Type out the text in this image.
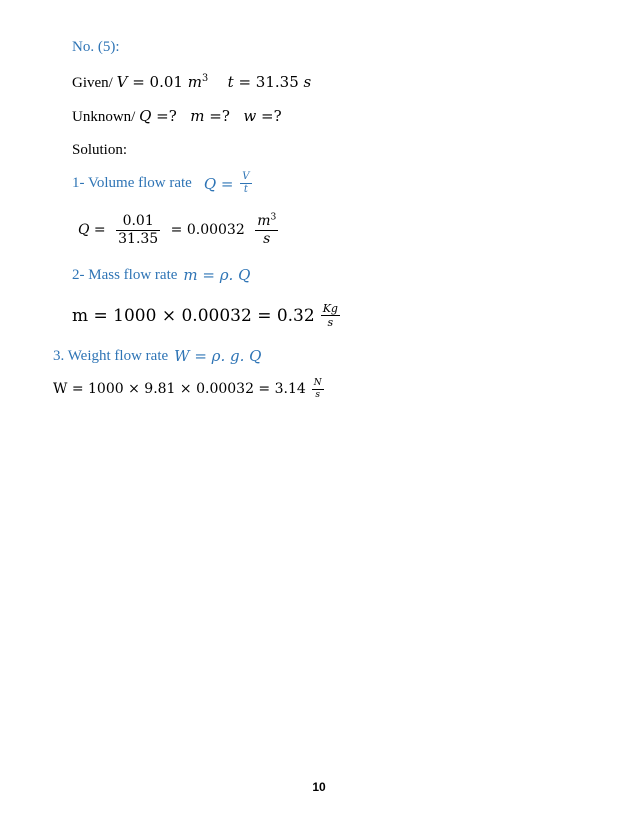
No. (5):
Given/ V = 0.01 $m^3$ t = 31.35 s
Unknown/ Q =? m =? w =?
Solution:
1- Volume flow rate $Q = \frac{V}{t}$
$Q = \frac{0.01}{31.35} = 0.00032 \frac{m^3}{s}$
2- Mass flow rate m = ρ. Q
$m = 1000 \times 0.00032 = 0.32 \frac{Kg}{s}$
3. Weight flow rate W = ρ. g. Q
$W = 1000 \times 9.81 \times 0.00032 = 3.14 \frac{N}{s}$
10
